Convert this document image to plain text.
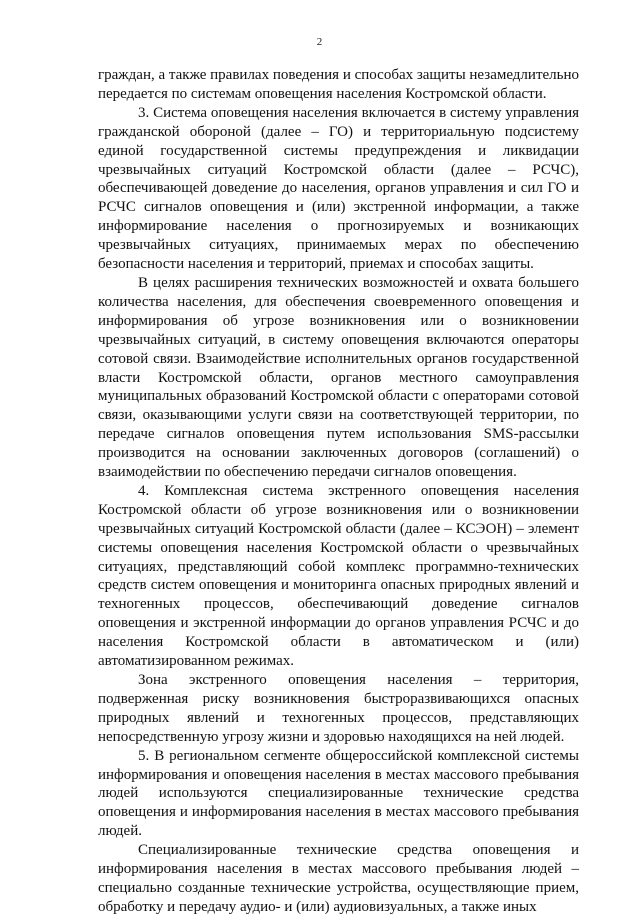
2

граждан, а также правилах поведения и способах защиты незамедлительно передается по системам оповещения населения Костромской области.

3. Система оповещения населения включается в систему управления гражданской обороной (далее – ГО) и территориальную подсистему единой государственной системы предупреждения и ликвидации чрезвычайных ситуаций Костромской области (далее – РСЧС), обеспечивающей доведение до населения, органов управления и сил ГО и РСЧС сигналов оповещения и (или) экстренной информации, а также информирование населения о прогнозируемых и возникающих чрезвычайных ситуациях, принимаемых мерах по обеспечению безопасности населения и территорий, приемах и способах защиты.

В целях расширения технических возможностей и охвата большего количества населения, для обеспечения своевременного оповещения и информирования об угрозе возникновения или о возникновении чрезвычайных ситуаций, в систему оповещения включаются операторы сотовой связи. Взаимодействие исполнительных органов государственной власти Костромской области, органов местного самоуправления муниципальных образований Костромской области с операторами сотовой связи, оказывающими услуги связи на соответствующей территории, по передаче сигналов оповещения путем использования SMS-рассылки производится на основании заключенных договоров (соглашений) о взаимодействии по обеспечению передачи сигналов оповещения.

4. Комплексная система экстренного оповещения населения Костромской области об угрозе возникновения или о возникновении чрезвычайных ситуаций Костромской области (далее – КСЭОН) – элемент системы оповещения населения Костромской области о чрезвычайных ситуациях, представляющий собой комплекс программно-технических средств систем оповещения и мониторинга опасных природных явлений и техногенных процессов, обеспечивающий доведение сигналов оповещения и экстренной информации до органов управления РСЧС и до населения Костромской области в автоматическом и (или) автоматизированном режимах.

Зона экстренного оповещения населения – территория, подверженная риску возникновения быстроразвивающихся опасных природных явлений и техногенных процессов, представляющих непосредственную угрозу жизни и здоровью находящихся на ней людей.

5. В региональном сегменте общероссийской комплексной системы информирования и оповещения населения в местах массового пребывания людей используются специализированные технические средства оповещения и информирования населения в местах массового пребывания людей.

Специализированные технические средства оповещения и информирования населения в местах массового пребывания людей – специально созданные технические устройства, осуществляющие прием, обработку и передачу аудио- и (или) аудиовизуальных, а также иных
